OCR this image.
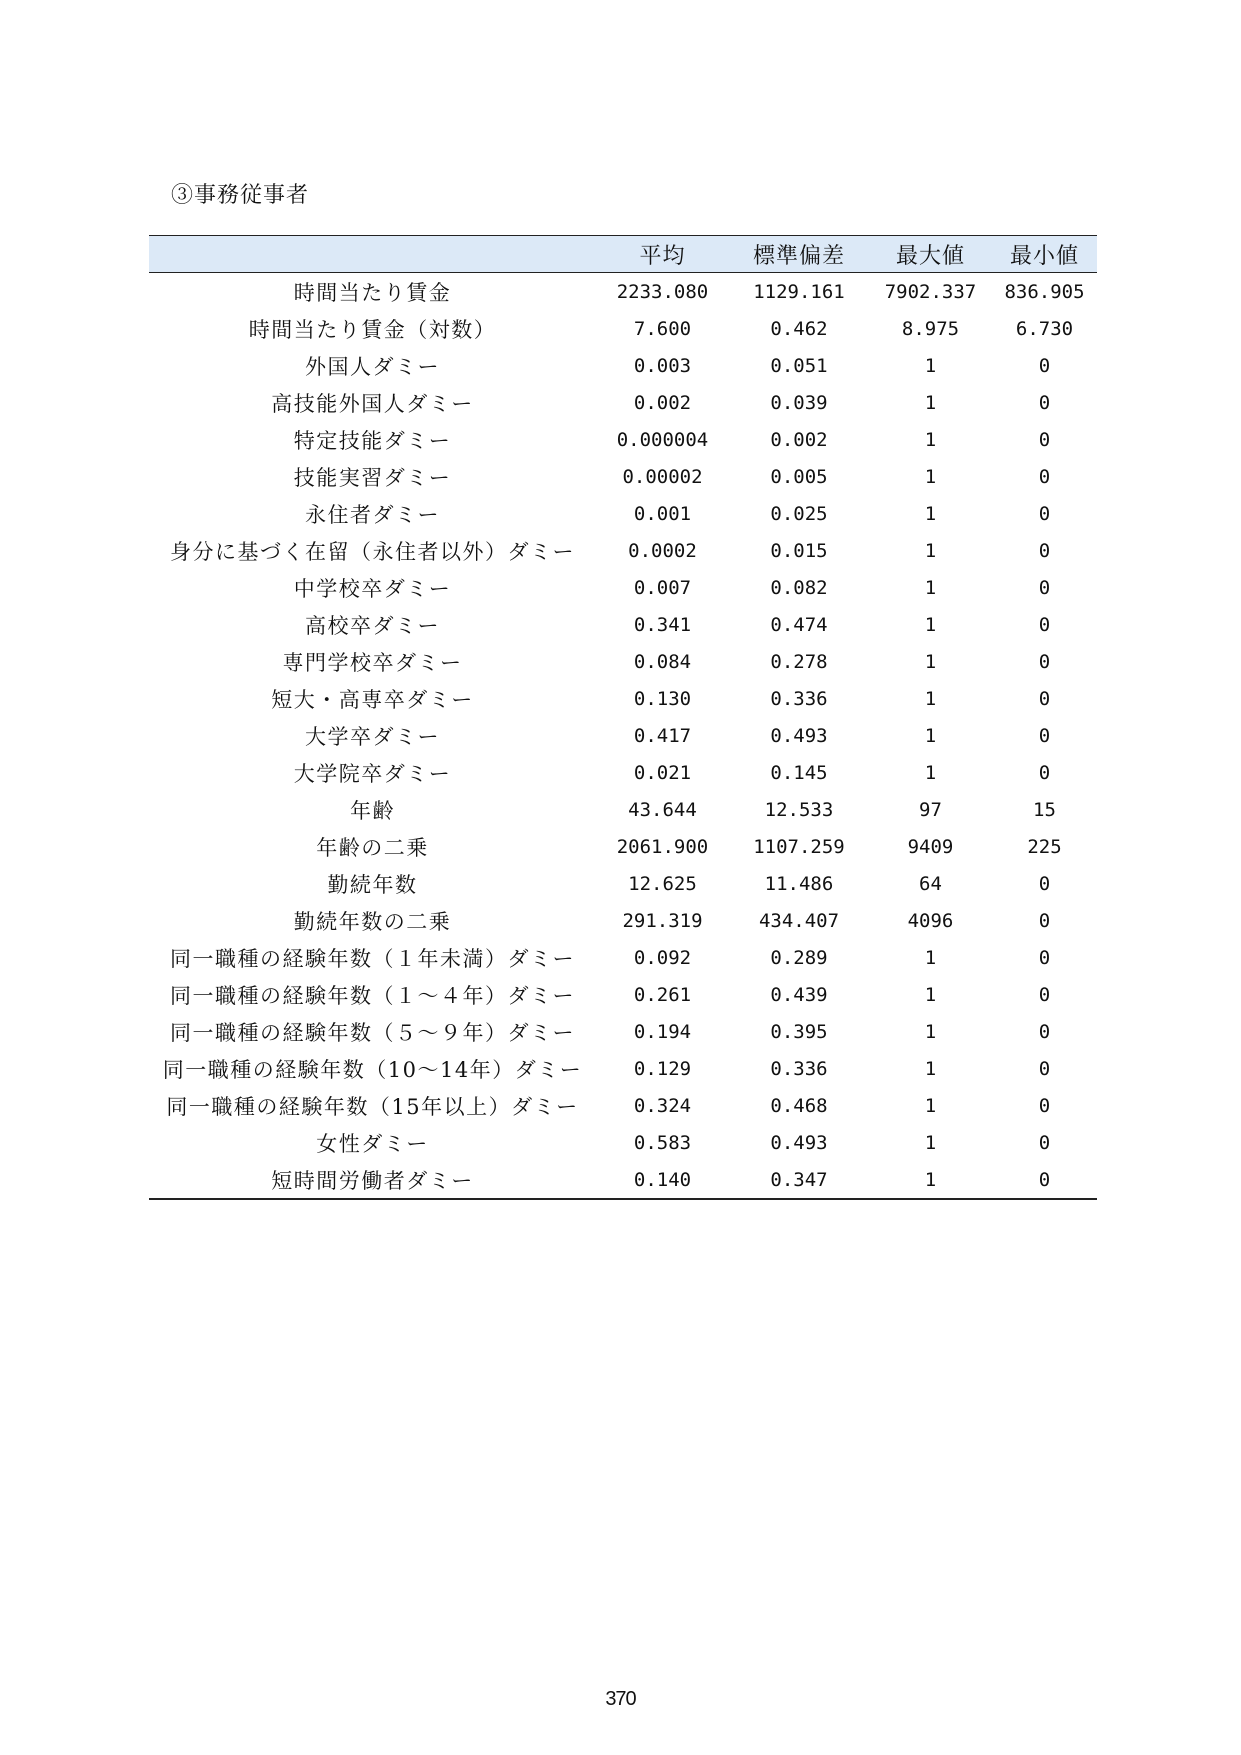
③事務従事者
	平均	標準偏差	最大値	最小値
時間当たり賃金	2233.080	1129.161	7902.337	836.905
時間当たり賃金（対数）	7.600	0.462	8.975	6.730
外国人ダミー	0.003	0.051	1	0
高技能外国人ダミー	0.002	0.039	1	0
特定技能ダミー	0.000004	0.002	1	0
技能実習ダミー	0.00002	0.005	1	0
永住者ダミー	0.001	0.025	1	0
身分に基づく在留（永住者以外）ダミー	0.0002	0.015	1	0
中学校卒ダミー	0.007	0.082	1	0
高校卒ダミー	0.341	0.474	1	0
専門学校卒ダミー	0.084	0.278	1	0
短大・高専卒ダミー	0.130	0.336	1	0
大学卒ダミー	0.417	0.493	1	0
大学院卒ダミー	0.021	0.145	1	0
年齢	43.644	12.533	97	15
年齢の二乗	2061.900	1107.259	9409	225
勤続年数	12.625	11.486	64	0
勤続年数の二乗	291.319	434.407	4096	0
同一職種の経験年数（１年未満）ダミー	0.092	0.289	1	0
同一職種の経験年数（１～４年）ダミー	0.261	0.439	1	0
同一職種の経験年数（５～９年）ダミー	0.194	0.395	1	0
同一職種の経験年数（10～14年）ダミー	0.129	0.336	1	0
同一職種の経験年数（15年以上）ダミー	0.324	0.468	1	0
女性ダミー	0.583	0.493	1	0
短時間労働者ダミー	0.140	0.347	1	0
370
